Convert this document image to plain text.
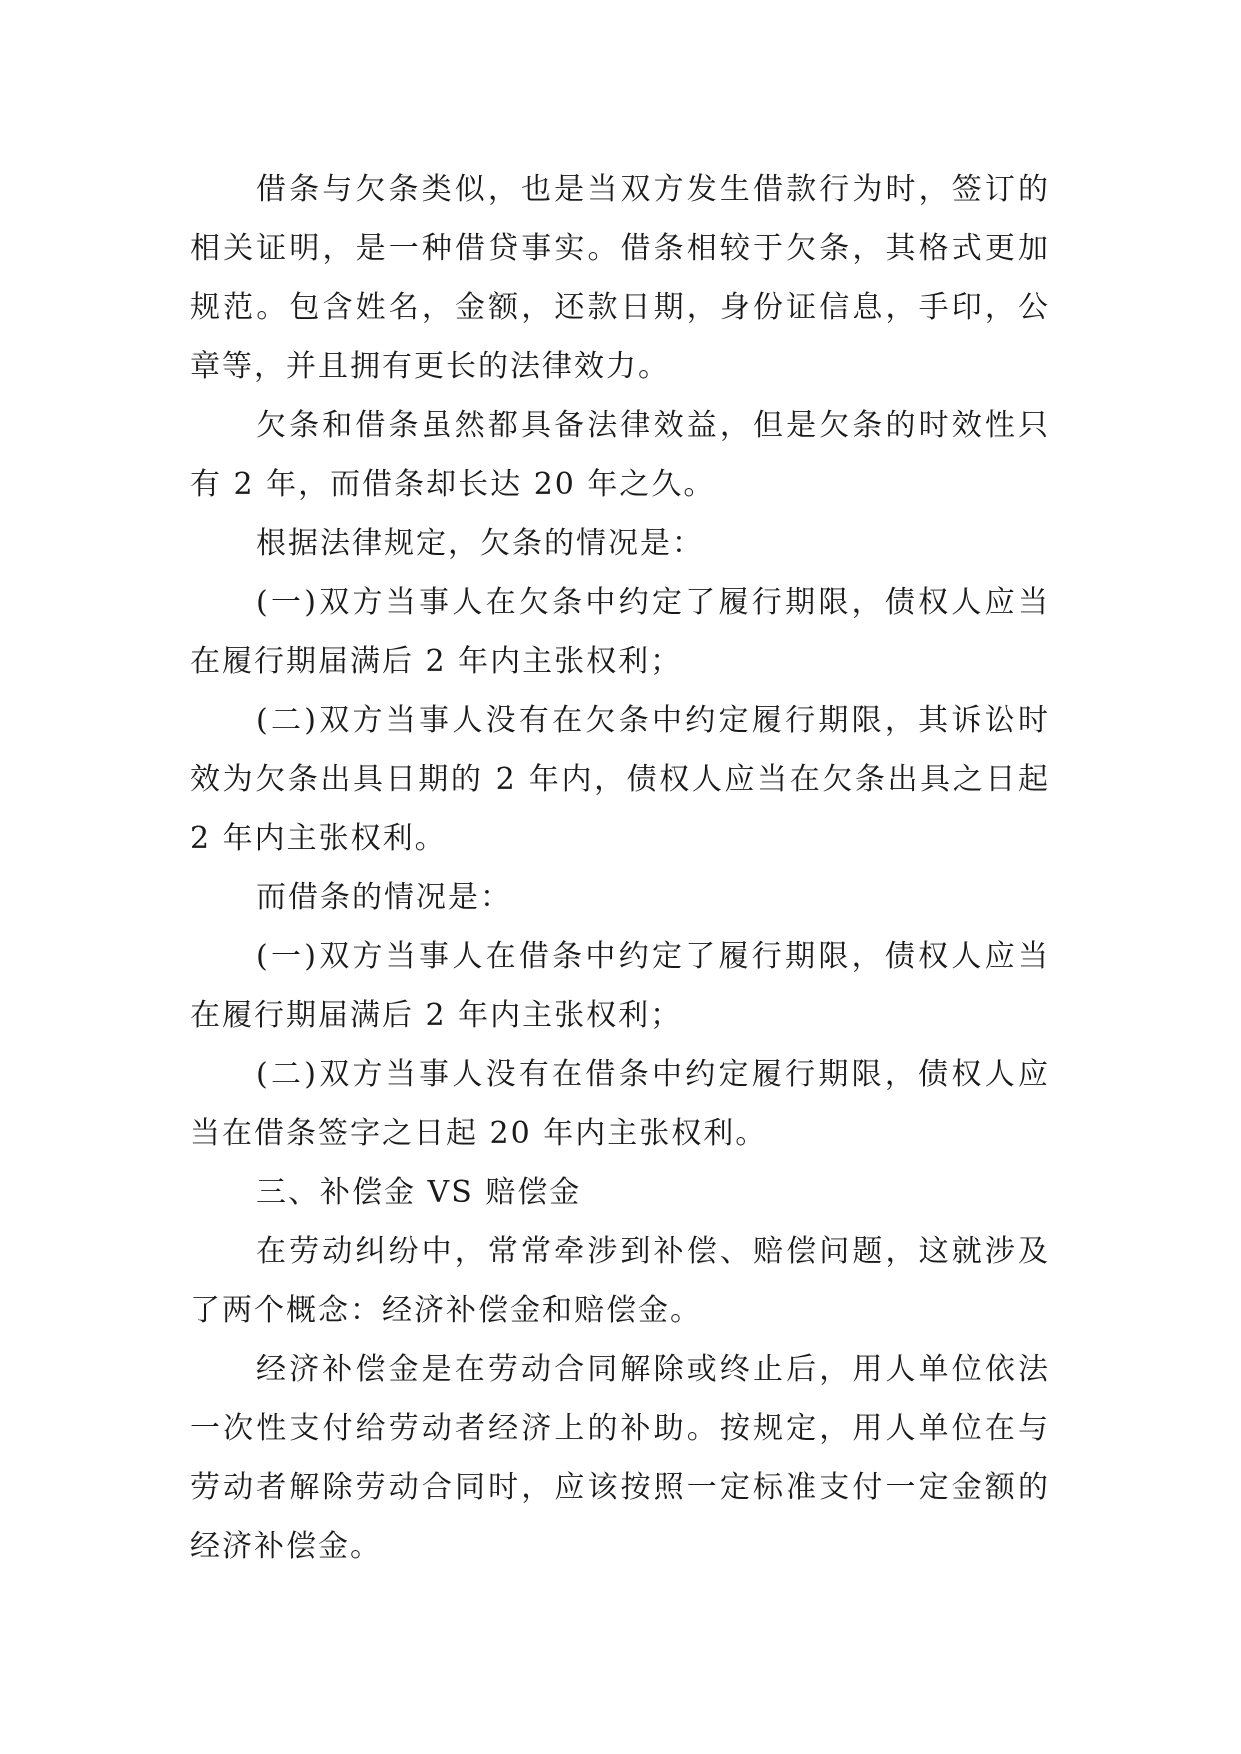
借条与欠条类似，也是当双方发生借款行为时，签订的相关证明，是一种借贷事实。借条相较于欠条，其格式更加规范。包含姓名，金额，还款日期，身份证信息，手印，公章等，并且拥有更长的法律效力。

欠条和借条虽然都具备法律效益，但是欠条的时效性只有 2 年，而借条却长达 20 年之久。

根据法律规定，欠条的情况是：

(一)双方当事人在欠条中约定了履行期限，债权人应当在履行期届满后 2 年内主张权利；

(二)双方当事人没有在欠条中约定履行期限，其诉讼时效为欠条出具日期的 2 年内，债权人应当在欠条出具之日起 2 年内主张权利。

而借条的情况是：

(一)双方当事人在借条中约定了履行期限，债权人应当在履行期届满后 2 年内主张权利；

(二)双方当事人没有在借条中约定履行期限，债权人应当在借条签字之日起 20 年内主张权利。

三、补偿金 VS 赔偿金

在劳动纠纷中，常常牵涉到补偿、赔偿问题，这就涉及了两个概念：经济补偿金和赔偿金。

经济补偿金是在劳动合同解除或终止后，用人单位依法一次性支付给劳动者经济上的补助。按规定，用人单位在与劳动者解除劳动合同时，应该按照一定标准支付一定金额的经济补偿金。
